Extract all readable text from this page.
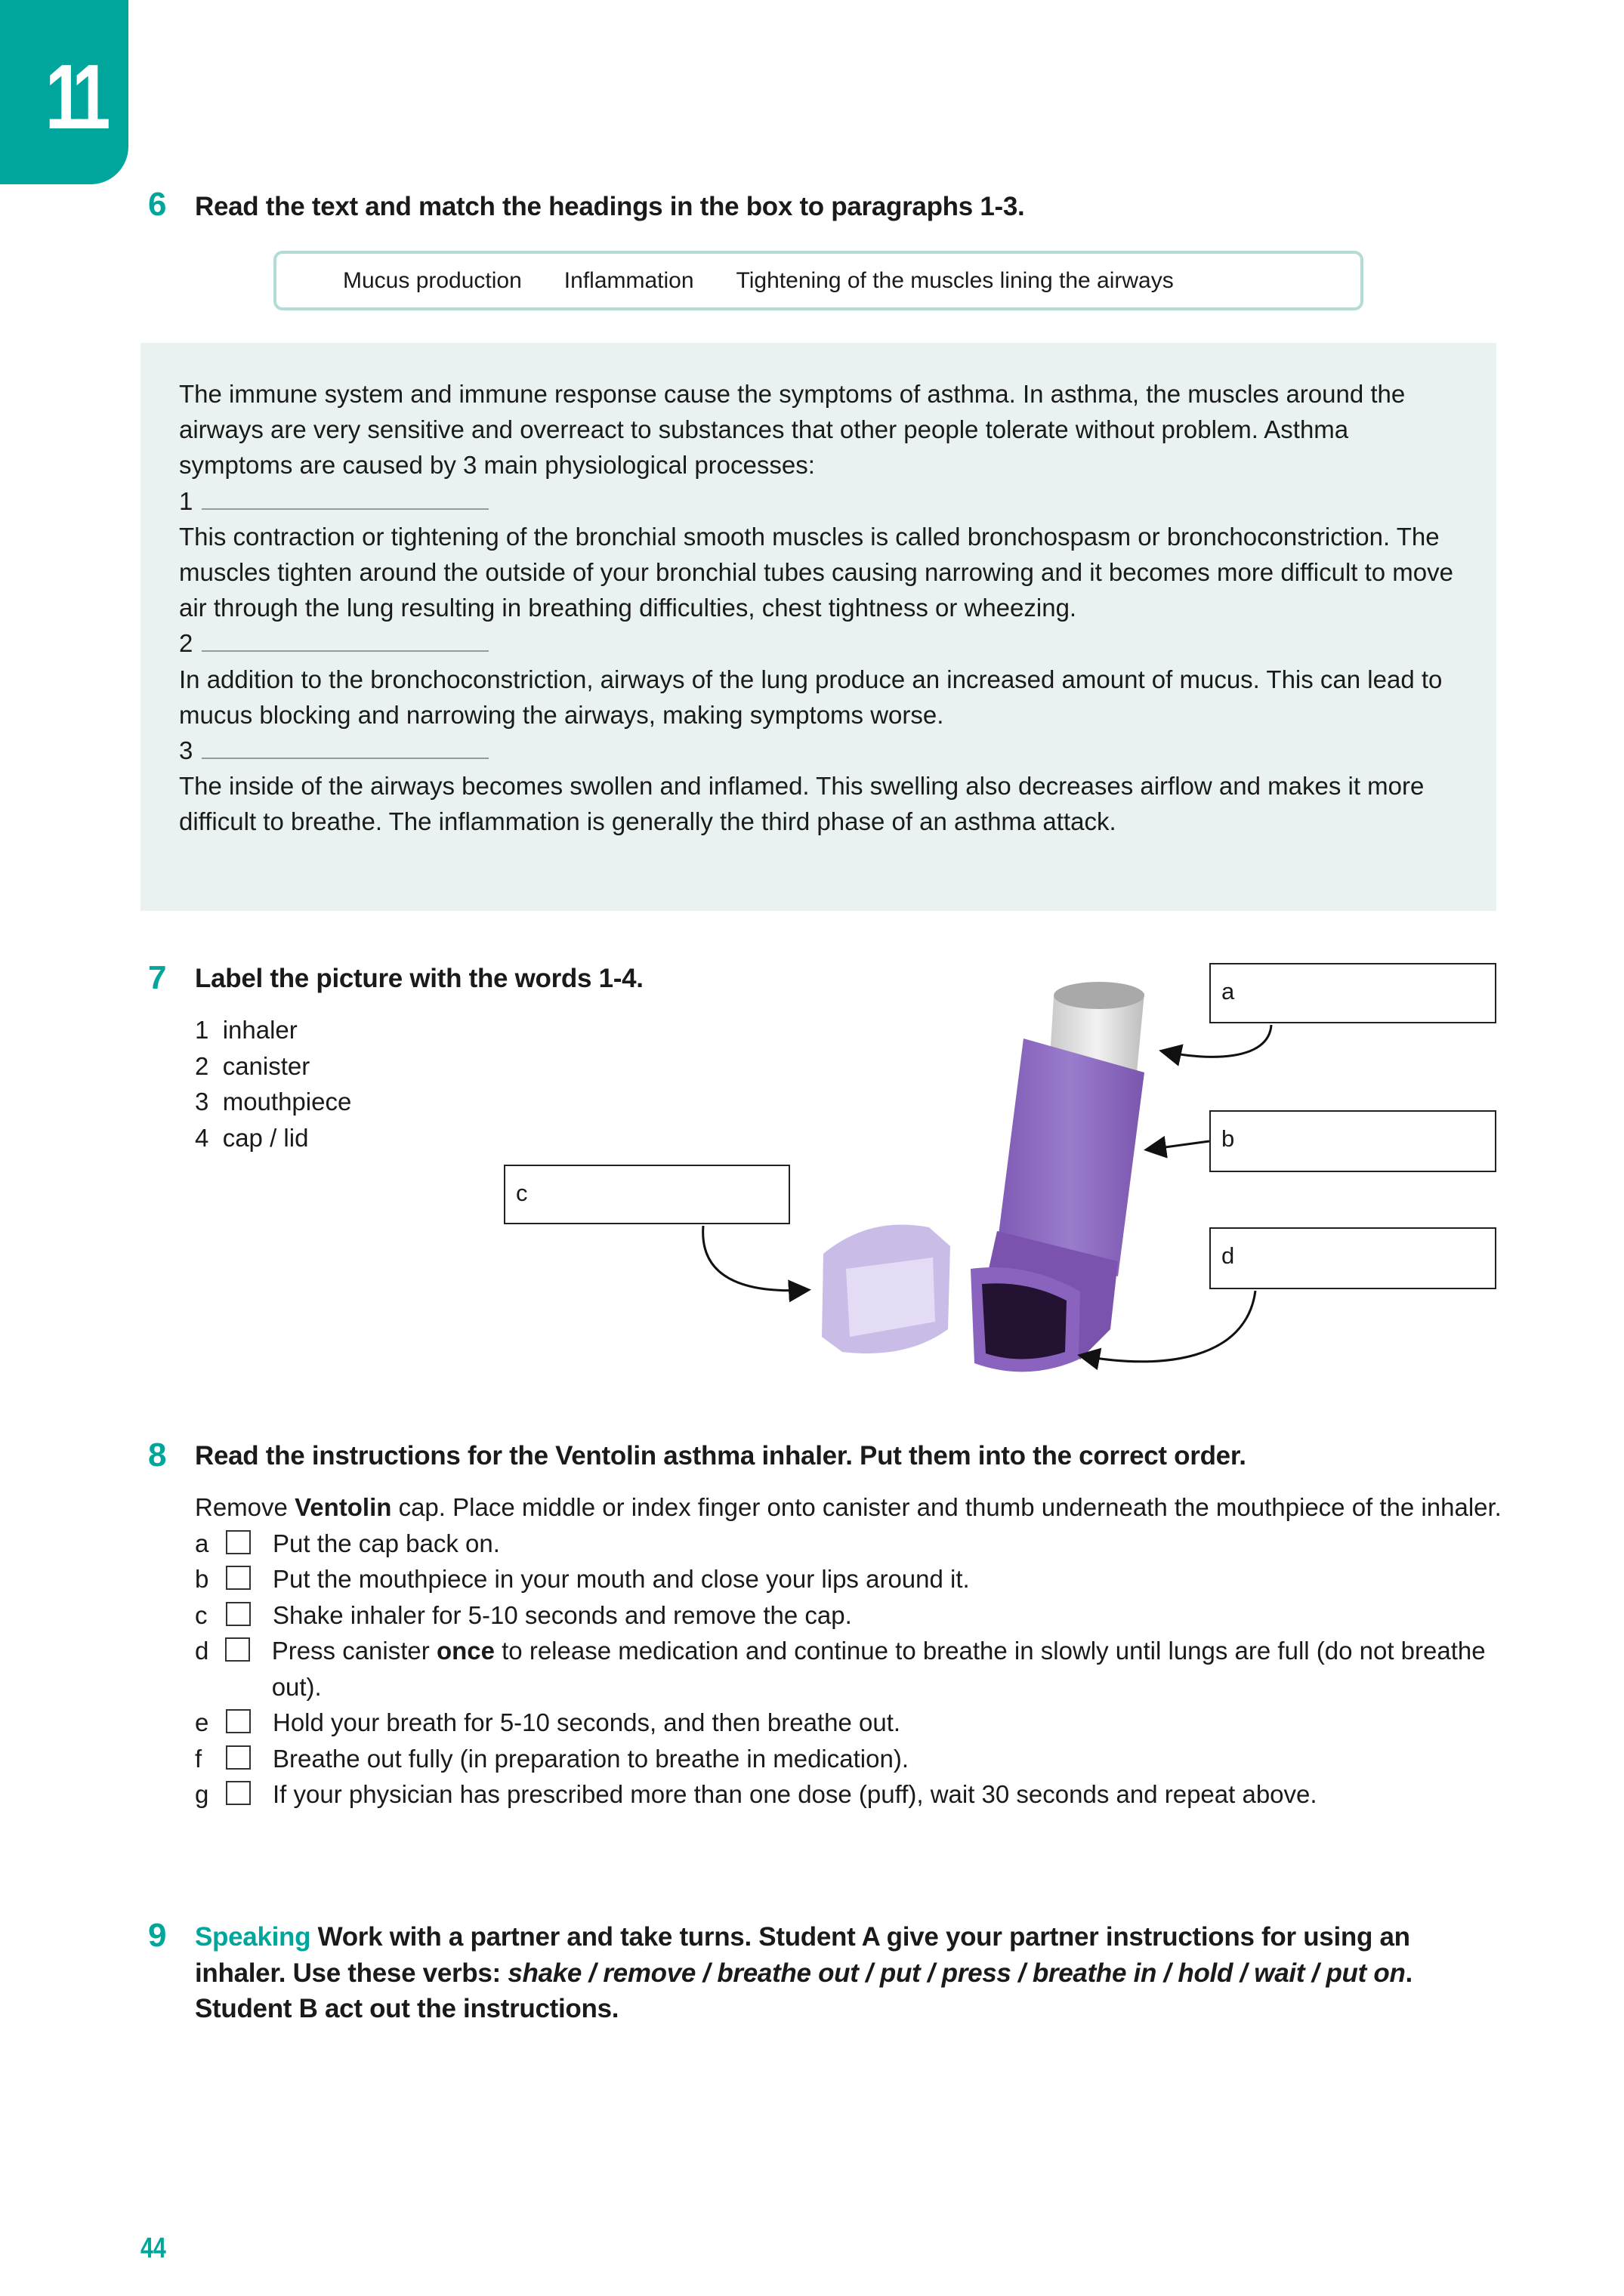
11
6 Read the text and match the headings in the box to paragraphs 1-3.
Mucus production Inflammation Tightening of the muscles lining the airways
The immune system and immune response cause the symptoms of asthma. In asthma, the muscles around the airways are very sensitive and overreact to substances that other people tolerate without problem. Asthma symptoms are caused by 3 main physiological processes:
1
This contraction or tightening of the bronchial smooth muscles is called bronchospasm or bronchoconstriction. The muscles tighten around the outside of your bronchial tubes causing narrowing and it becomes more difficult to move air through the lung resulting in breathing difficulties, chest tightness or wheezing.
2
In addition to the bronchoconstriction, airways of the lung produce an increased amount of mucus. This can lead to mucus blocking and narrowing the airways, making symptoms worse.
3
The inside of the airways becomes swollen and inflamed. This swelling also decreases airflow and makes it more difficult to breathe. The inflammation is generally the third phase of an asthma attack.
7 Label the picture with the words 1-4.
1 inhaler
2 canister
3 mouthpiece
4 cap / lid
a
b
c
d
8 Read the instructions for the Ventolin asthma inhaler. Put them into the correct order.
Remove Ventolin cap. Place middle or index finger onto canister and thumb underneath the mouthpiece of the inhaler.
a	Put the cap back on.
b	Put the mouthpiece in your mouth and close your lips around it.
c	Shake inhaler for 5-10 seconds and remove the cap.
d	Press canister once to release medication and continue to breathe in slowly until lungs are full (do not breathe out).
e	Hold your breath for 5-10 seconds, and then breathe out.
f	Breathe out fully (in preparation to breathe in medication).
g	If your physician has prescribed more than one dose (puff), wait 30 seconds and repeat above.
9 Speaking Work with a partner and take turns. Student A give your partner instructions for using an inhaler. Use these verbs: shake / remove / breathe out / put / press / breathe in / hold / wait / put on. Student B act out the instructions.
44
